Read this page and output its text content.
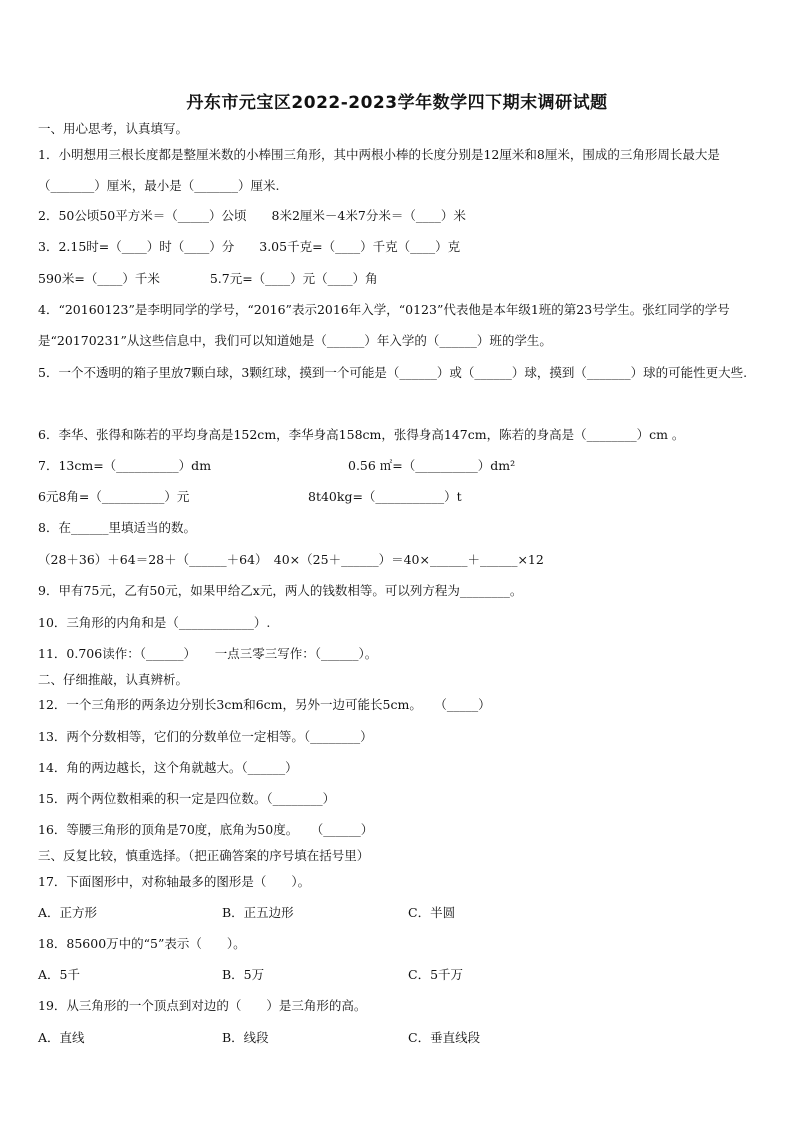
丹东市元宝区2022-2023学年数学四下期末调研试题
一、用心思考，认真填写。
1．小明想用三根长度都是整厘米数的小棒围三角形，其中两根小棒的长度分别是12厘米和8厘米，围成的三角形周长最大是（_______）厘米，最小是（_______）厘米.
2．50公顷50平方米＝（_____）公顷　　8米2厘米－4米7分米＝（____）米
3．2.15时=（____）时（____）分　　3.05千克=（____）千克（____）克
590米=（____）千米　　　　5.7元=（____）元（____）角
4．“20160123”是李明同学的学号，“2016”表示2016年入学，“0123”代表他是本年级1班的第23号学生。张红同学的学号是“20170231”从这些信息中，我们可以知道她是（______）年入学的（______）班的学生。
5．一个不透明的箱子里放7颗白球，3颗红球，摸到一个可能是（______）或（______）球，摸到（_______）球的可能性更大些.
6．李华、张得和陈若的平均身高是152cm，李华身高158cm，张得身高147cm，陈若的身高是（________）cm 。
7．13cm=（__________）dm	0.56 ㎡=（__________）dm²
6元8角=（__________）元	8t40kg=（___________）t
8．在______里填适当的数。
（28＋36）＋64＝28＋（______＋64）　40×（25＋______）＝40×______＋______×12
9．甲有75元，乙有50元，如果甲给乙x元，两人的钱数相等。可以列方程为________。
10．三角形的内角和是（____________）.
11．0.706读作：（______）　　一点三零三写作：（______）。
二、仔细推敲，认真辨析。
12．一个三角形的两条边分别长3cm和6cm，另外一边可能长5cm。　　（_____）
13．两个分数相等，它们的分数单位一定相等。（________）
14．角的两边越长，这个角就越大。（______）
15．两个两位数相乘的积一定是四位数。（________）
16．等腰三角形的顶角是70度，底角为50度。　　（______）
三、反复比较，慎重选择。（把正确答案的序号填在括号里）
17．下面图形中，对称轴最多的图形是（　　）。
A．正方形	B．正五边形	C．半圆
18．85600万中的“5”表示（　　）。
A．5千	B．5万	C．5千万
19．从三角形的一个顶点到对边的（　　）是三角形的高。
A．直线	B．线段	C．垂直线段
